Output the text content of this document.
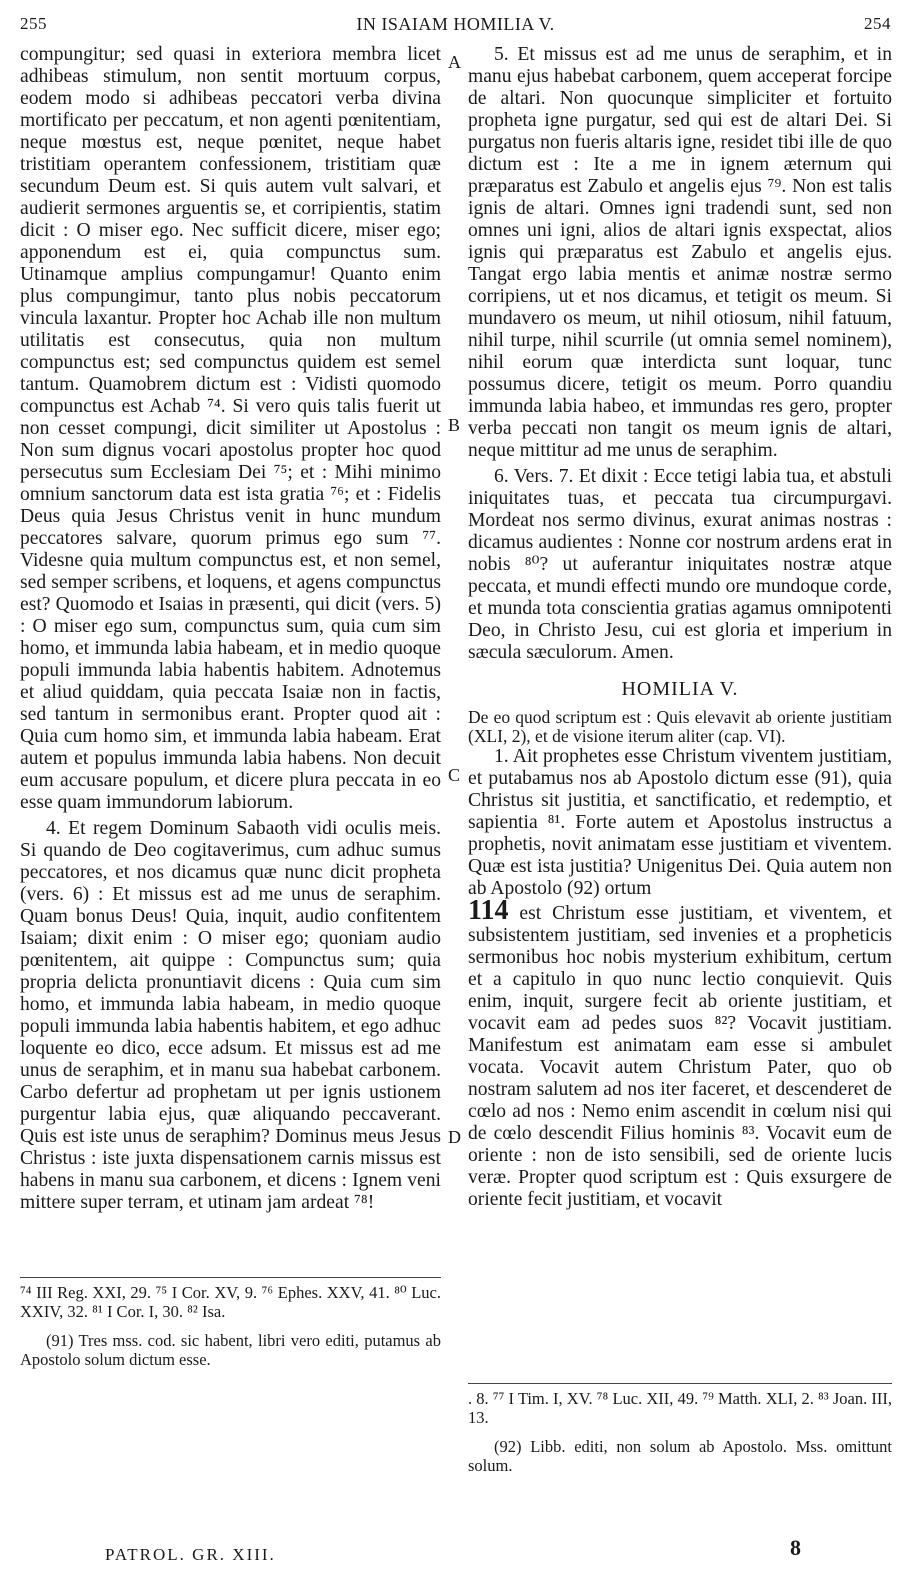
IN ISAIAM HOMILIA V.
255	254

compungitur; sed quasi in exteriora membra licet adhibeas stimulum, non sentit mortuum corpus, eodem modo si adhibeas peccatori verba divina mortificato per peccatum, et non agenti pœnitentiam, neque mœstus est, neque pœnitet, neque habet tristitiam operantem confessionem, tristitiam quæ secundum Deum est. Si quis autem vult salvari, et audierit sermones arguentis se, et corripientis, statim dicit : O miser ego. Nec sufficit dicere, miser ego; apponendum est ei, quia compunctus sum. Utinamque amplius compungamur! Quanto enim plus compungimur, tanto plus nobis peccatorum vincula laxantur. Propter hoc Achab ille non multum utilitatis est consecutus, quia non multum compunctus est; sed compunctus quidem est semel tantum. Quamobrem dictum est : Vidisti quomodo compunctus est Achab ⁷⁴. Si vero quis talis fuerit ut non cesset compungi, dicit similiter ut Apostolus : Non sum dignus vocari apostolus propter hoc quod persecutus sum Ecclesiam Dei ⁷⁵; et : Mihi minimo omnium sanctorum data est ista gratia ⁷⁶; et : Fidelis Deus quia Jesus Christus venit in hunc mundum peccatores salvare, quorum primus ego sum ⁷⁷. Videsne quia multum compunctus est, et non semel, sed semper scribens, et loquens, et agens compunctus est? Quomodo et Isaias in præsenti, qui dicit (vers. 5) : O miser ego sum, compunctus sum, quia cum sim homo, et immunda labia habeam, et in medio quoque populi immunda labia habentis habitem. Adnotemus et aliud quiddam, quia peccata Isaiæ non in factis, sed tantum in sermonibus erant. Propter quod ait : Quia cum homo sim, et immunda labia habeam. Erat autem et populus immunda labia habens. Non decuit eum accusare populum, et dicere plura peccata in eo esse quam immundorum labiorum.

4. Et regem Dominum Sabaoth vidi oculis meis. Si quando de Deo cogitaverimus, cum adhuc sumus peccatores, et nos dicamus quæ nunc dicit propheta (vers. 6) : Et missus est ad me unus de seraphim. Quam bonus Deus! Quia, inquit, audio confitentem Isaiam; dixit enim : O miser ego; quoniam audio pœnitentem, ait quippe : Compunctus sum; quia propria delicta pronuntiavit dicens : Quia cum sim homo, et immunda labia habeam, in medio quoque populi immunda labia habentis habitem, et ego adhuc loquente eo dico, ecce adsum. Et missus est ad me unus de seraphim, et in manu sua habebat carbonem. Carbo defertur ad prophetam ut per ignis ustionem purgentur labia ejus, quæ aliquando peccaverant. Quis est iste unus de seraphim? Dominus meus Jesus Christus : iste juxta dispensationem carnis missus est habens in manu sua carbonem, et dicens : Ignem veni mittere super terram, et utinam jam ardeat ⁷⁸!

A
B
C
D

5. Et missus est ad me unus de seraphim, et in manu ejus habebat carbonem, quem acceperat forcipe de altari. Non quocunque simpliciter et fortuito propheta igne purgatur, sed qui est de altari Dei. Si purgatus non fueris altaris igne, residet tibi ille de quo dictum est : Ite a me in ignem æternum qui præparatus est Zabulo et angelis ejus ⁷⁹. Non est talis ignis de altari. Omnes igni tradendi sunt, sed non omnes uni igni, alios de altari ignis exspectat, alios ignis qui præparatus est Zabulo et angelis ejus. Tangat ergo labia mentis et animæ nostræ sermo corripiens, ut et nos dicamus, et tetigit os meum. Si mundavero os meum, ut nihil otiosum, nihil fatuum, nihil turpe, nihil scurrile (ut omnia semel nominem), nihil eorum quæ interdicta sunt loquar, tunc possumus dicere, tetigit os meum. Porro quandiu immunda labia habeo, et immundas res gero, propter verba peccati non tangit os meum ignis de altari, neque mittitur ad me unus de seraphim.

6. Vers. 7. Et dixit : Ecce tetigi labia tua, et abstuli iniquitates tuas, et peccata tua circumpurgavi. Mordeat nos sermo divinus, exurat animas nostras : dicamus audientes : Nonne cor nostrum ardens erat in nobis ⁸⁰? ut auferantur iniquitates nostræ atque peccata, et mundi effecti mundo ore mundoque corde, et munda tota conscientia gratias agamus omnipotenti Deo, in Christo Jesu, cui est gloria et imperium in sæcula sæculorum. Amen.

HOMILIA V.

De eo quod scriptum est : Quis elevavit ab oriente justitiam (XLI, 2), et de visione iterum aliter (cap. VI).

1. Ait prophetes esse Christum viventem justitiam, et putabamus nos ab Apostolo dictum esse (91), quia Christus sit justitia, et sanctificatio, et redemptio, et sapientia ⁸¹. Forte autem et Apostolus instructus a prophetis, novit animatam esse justitiam et viventem. Quæ est ista justitia? Unigenitus Dei. Quia autem non ab Apostolo (92) ortum

114 est Christum esse justitiam, et viventem, et subsistentem justitiam, sed invenies et a propheticis sermonibus hoc nobis mysterium exhibitum, certum et a capitulo in quo nunc lectio conquievit. Quis enim, inquit, surgere fecit ab oriente justitiam, et vocavit eam ad pedes suos ⁸²? Vocavit justitiam. Manifestum est animatam eam esse si ambulet vocata. Vocavit autem Christum Pater, quo ob nostram salutem ad nos iter faceret, et descenderet de cœlo ad nos : Nemo enim ascendit in cœlum nisi qui de cœlo descendit Filius hominis ⁸³. Vocavit eum de oriente : non de isto sensibili, sed de oriente lucis veræ. Propter quod scriptum est : Quis exsurgere de oriente fecit justitiam, et vocavit

⁷⁴ III Reg. XXI, 29. ⁷⁵ I Cor. XV, 9. ⁷⁶ Ephes. XXV, 41. ⁸⁰ Luc. XXIV, 32. ⁸¹ I Cor. I, 30. ⁸² Isa.

(91) Tres mss. cod. sic habent, libri vero editi, putamus ab Apostolo solum dictum esse.

. 8. ⁷⁷ I Tim. I, XV. ⁷⁸ Luc. XII, 49. ⁷⁹ Matth. XLI, 2. ⁸³ Joan. III, 13.

(92) Libb. editi, non solum ab Apostolo. Mss. omittunt solum.

PATROL. GR. XIII.	8
